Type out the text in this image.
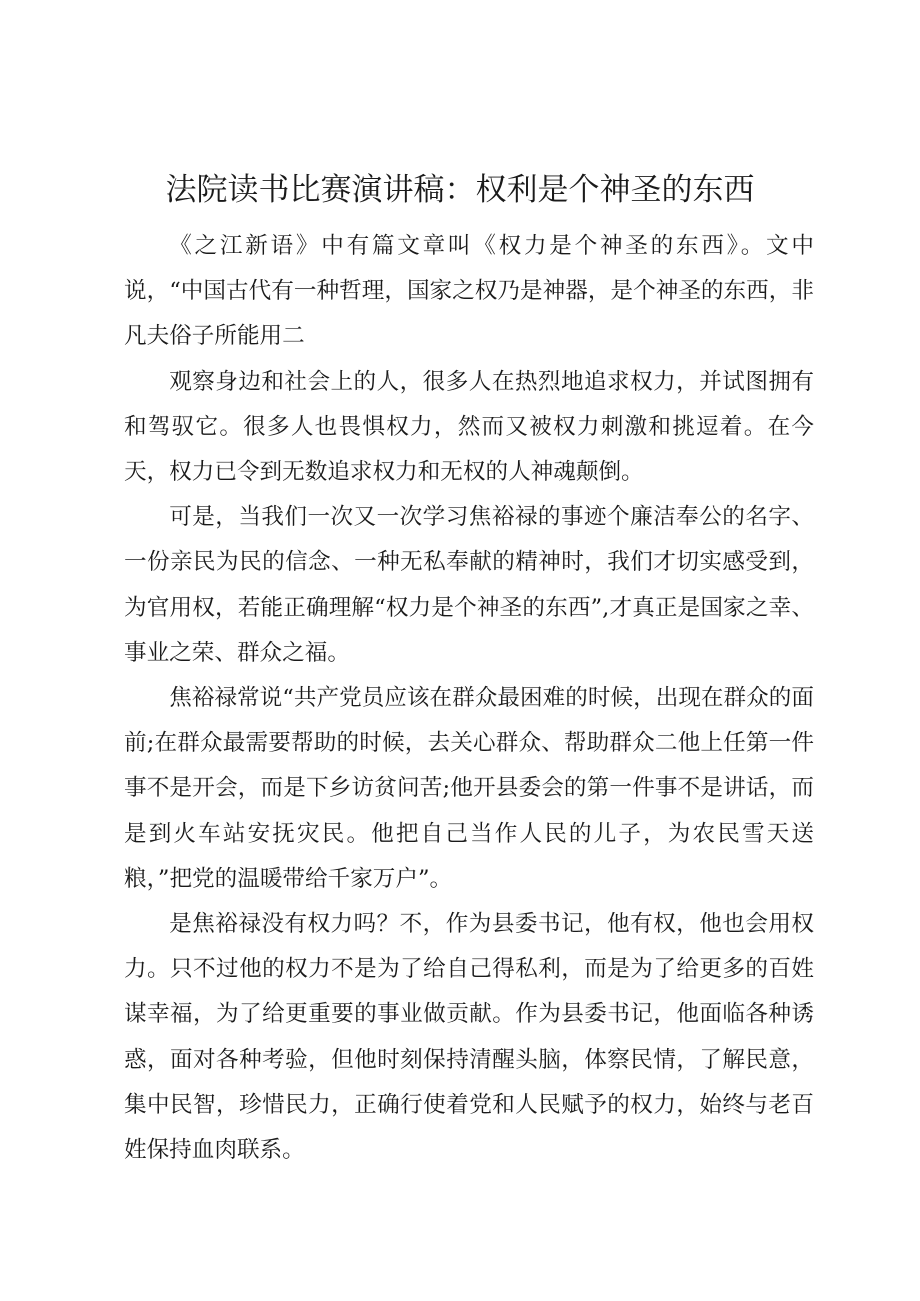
法院读书比赛演讲稿：权利是个神圣的东西

《之江新语》中有篇文章叫《权力是个神圣的东西》。文中说，“中国古代有一种哲理，国家之权乃是神器，是个神圣的东西，非凡夫俗子所能用二

观察身边和社会上的人，很多人在热烈地追求权力，并试图拥有和驾驭它。很多人也畏惧权力，然而又被权力刺激和挑逗着。在今天，权力已令到无数追求权力和无权的人神魂颠倒。

可是，当我们一次又一次学习焦裕禄的事迹个廉洁奉公的名字、一份亲民为民的信念、一种无私奉献的精神时，我们才切实感受到，为官用权，若能正确理解“权力是个神圣的东西”,才真正是国家之幸、事业之荣、群众之福。

焦裕禄常说“共产党员应该在群众最困难的时候，出现在群众的面前;在群众最需要帮助的时候，去关心群众、帮助群众二他上任第一件事不是开会，而是下乡访贫问苦;他开县委会的第一件事不是讲话，而是到火车站安抚灾民。他把自己当作人民的儿子，为农民雪天送粮，”把党的温暖带给千家万户”。

是焦裕禄没有权力吗？不，作为县委书记，他有权，他也会用权力。只不过他的权力不是为了给自己得私利，而是为了给更多的百姓谋幸福，为了给更重要的事业做贡献。作为县委书记，他面临各种诱惑，面对各种考验，但他时刻保持清醒头脑，体察民情，了解民意，集中民智，珍惜民力，正确行使着党和人民赋予的权力，始终与老百姓保持血肉联系。
